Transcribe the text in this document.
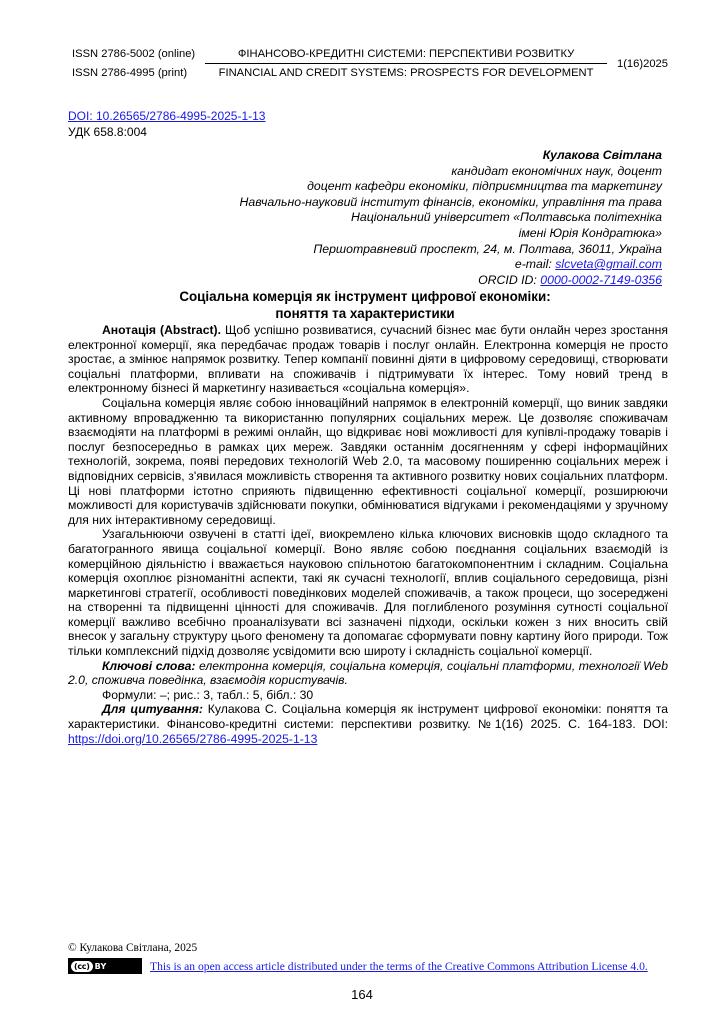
ISSN 2786-5002 (online)
ISSN 2786-4995 (print)
ФІНАНСОВО-КРЕДИТНІ СИСТЕМИ: ПЕРСПЕКТИВИ РОЗВИТКУ
FINANCIAL AND CREDIT SYSTEMS: PROSPECTS FOR DEVELOPMENT
1(16)2025
DOI: 10.26565/2786-4995-2025-1-13
УДК 658.8:004
Кулакова Світлана
кандидат економічних наук, доцент
доцент кафедри економіки, підприємництва та маркетингу
Навчально-науковий інститут фінансів, економіки, управління та права
Національний університет «Полтавська політехніка
імені Юрія Кондратюка»
Першотравневий проспект, 24, м. Полтава, 36011, Україна
e-mail: slcveta@gmail.com
ORCID ID: 0000-0002-7149-0356
Соціальна комерція як інструмент цифрової економіки:
поняття та характеристики

Анотація (Abstract). Щоб успішно розвиватися, сучасний бізнес має бути онлайн через зростання електронної комерції, яка передбачає продаж товарів і послуг онлайн. Електронна комерція не просто зростає, а змінює напрямок розвитку. Тепер компанії повинні діяти в цифровому середовищі, створювати соціальні платформи, впливати на споживачів і підтримувати їх інтерес. Тому новий тренд в електронному бізнесі й маркетингу називається «соціальна комерція».

Соціальна комерція являє собою інноваційний напрямок в електронній комерції, що виник завдяки активному впровадженню та використанню популярних соціальних мереж. Це дозволяє споживачам взаємодіяти на платформі в режимі онлайн, що відкриває нові можливості для купівлі-продажу товарів і послуг безпосередньо в рамках цих мереж. Завдяки останнім досягненням у сфері інформаційних технологій, зокрема, появі передових технологій Web 2.0, та масовому поширенню соціальних мереж і відповідних сервісів, з'явилася можливість створення та активного розвитку нових соціальних платформ. Ці нові платформи істотно сприяють підвищенню ефективності соціальної комерції, розширюючи можливості для користувачів здійснювати покупки, обмінюватися відгуками і рекомендаціями у зручному для них інтерактивному середовищі.

Узагальнюючи озвучені в статті ідеї, виокремлено кілька ключових висновків щодо складного та багатогранного явища соціальної комерції. Воно являє собою поєднання соціальних взаємодій із комерційною діяльністю і вважається науковою спільнотою багатокомпонентним і складним. Соціальна комерція охоплює різноманітні аспекти, такі як сучасні технології, вплив соціального середовища, різні маркетингові стратегії, особливості поведінкових моделей споживачів, а також процеси, що зосереджені на створенні та підвищенні цінності для споживачів. Для поглибленого розуміння сутності соціальної комерції важливо всебічно проаналізувати всі зазначені підходи, оскільки кожен з них вносить свій внесок у загальну структуру цього феномену та допомагає сформувати повну картину його природи. Тож тільки комплексний підхід дозволяє усвідомити всю широту і складність соціальної комерції.

Ключові слова: електронна комерція, соціальна комерція, соціальні платформи, технології Web 2.0, споживча поведінка, взаємодія користувачів.

Формули: –; рис.: 3, табл.: 5, бібл.: 30

Для цитування: Кулакова С. Соціальна комерція як інструмент цифрової економіки: поняття та характеристики. Фінансово-кредитні системи: перспективи розвитку. №1(16) 2025. С. 164-183. DOI: https://doi.org/10.26565/2786-4995-2025-1-13

© Кулакова Світлана, 2025
(cc) BY	This is an open access article distributed under the terms of the Creative Commons Attribution License 4.0.
164
